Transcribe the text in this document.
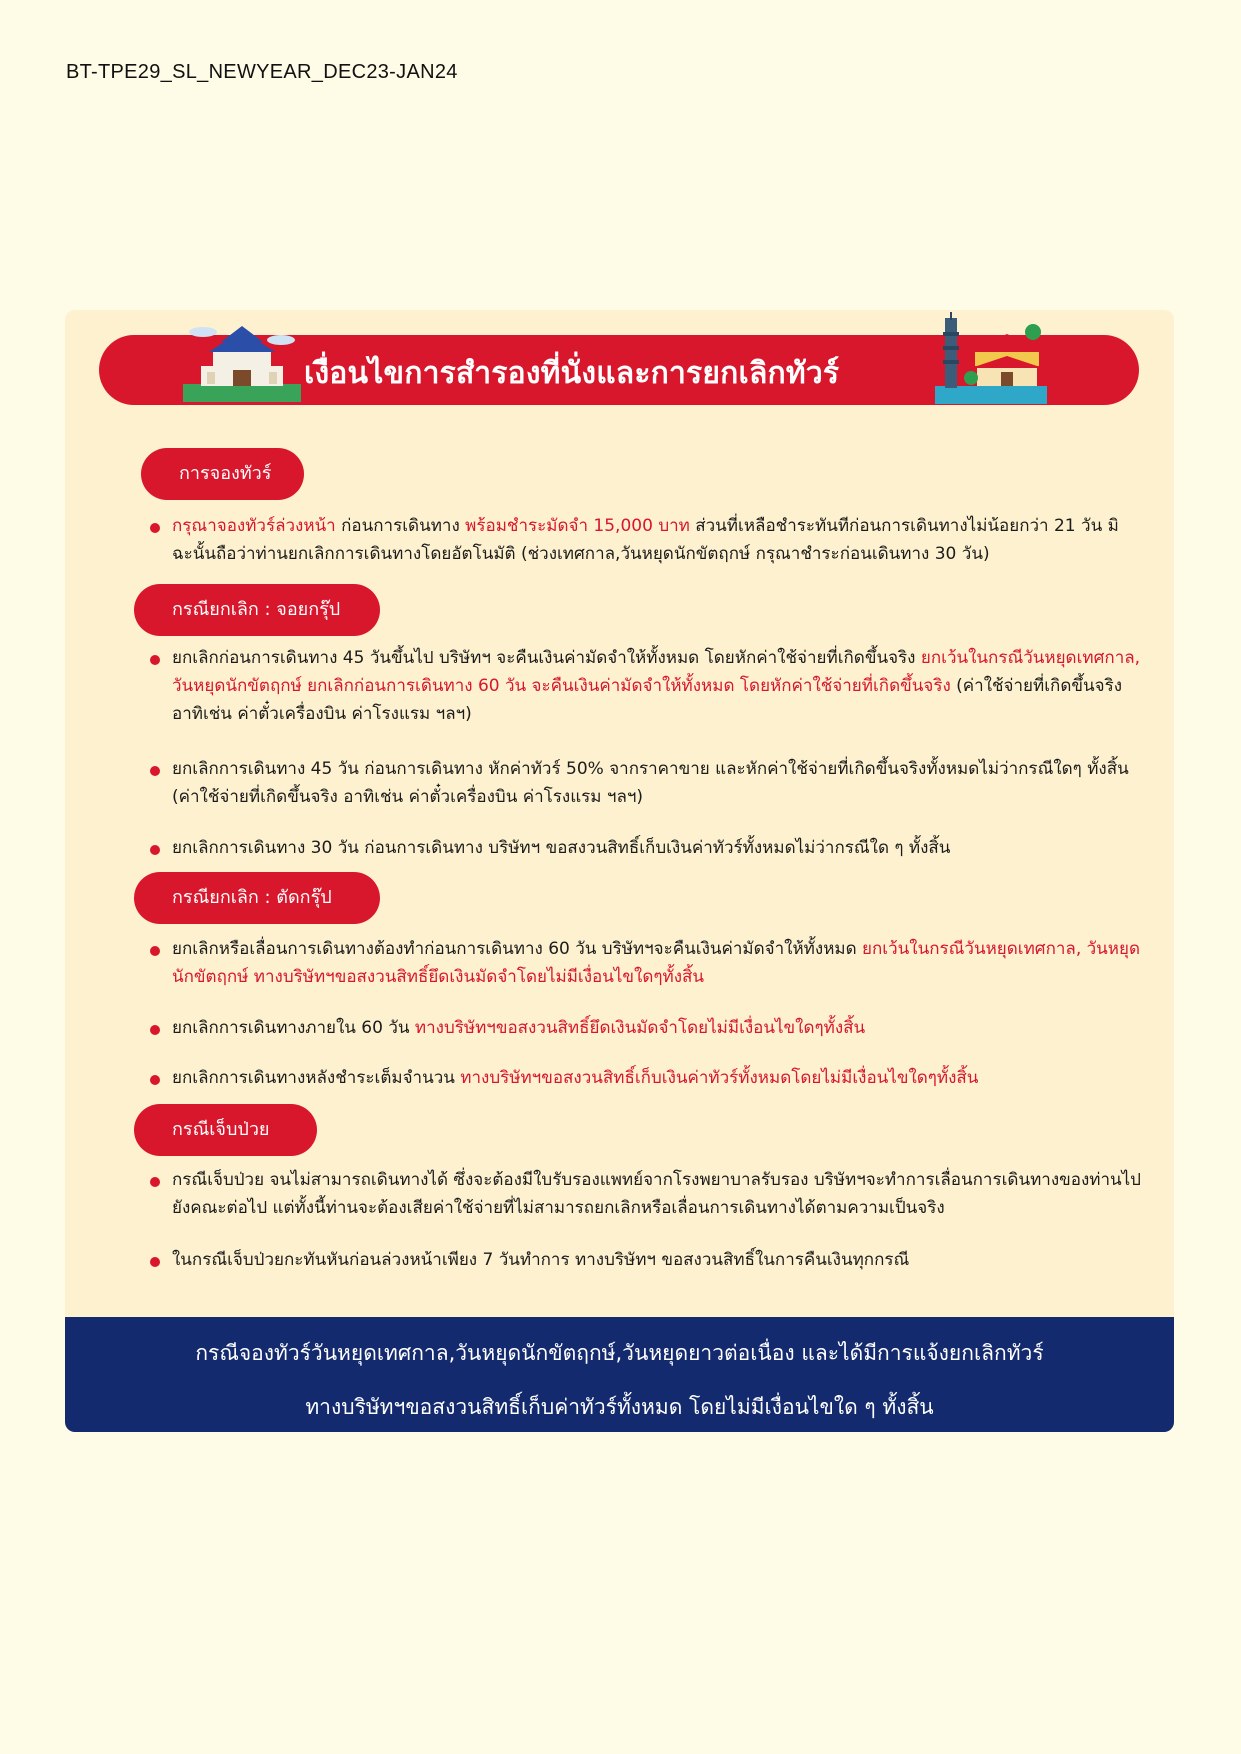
BT-TPE29_SL_NEWYEAR_DEC23-JAN24
เงื่อนไขการสำรองที่นั่งและการยกเลิกทัวร์
การจองทัวร์
กรุณาจองทัวร์ล่วงหน้า ก่อนการเดินทาง พร้อมชำระมัดจำ 15,000 บาท ส่วนที่เหลือชำระทันทีก่อนการเดินทางไม่น้อยกว่า 21 วัน มิฉะนั้นถือว่าท่านยกเลิกการเดินทางโดยอัตโนมัติ (ช่วงเทศกาล,วันหยุดนักขัตฤกษ์ กรุณาชำระก่อนเดินทาง 30 วัน)
กรณียกเลิก : จอยกรุ๊ป
ยกเลิกก่อนการเดินทาง 45 วันขึ้นไป บริษัทฯ จะคืนเงินค่ามัดจำให้ทั้งหมด โดยหักค่าใช้จ่ายที่เกิดขึ้นจริง ยกเว้นในกรณีวันหยุดเทศกาล, วันหยุดนักขัตฤกษ์ ยกเลิกก่อนการเดินทาง 60 วัน จะคืนเงินค่ามัดจำให้ทั้งหมด โดยหักค่าใช้จ่ายที่เกิดขึ้นจริง (ค่าใช้จ่ายที่เกิดขึ้นจริง อาทิเช่น ค่าตั๋วเครื่องบิน ค่าโรงแรม ฯลฯ)
ยกเลิกการเดินทาง 45 วัน ก่อนการเดินทาง หักค่าทัวร์ 50% จากราคาขาย และหักค่าใช้จ่ายที่เกิดขึ้นจริงทั้งหมดไม่ว่ากรณีใดๆ ทั้งสิ้น (ค่าใช้จ่ายที่เกิดขึ้นจริง อาทิเช่น ค่าตั๋วเครื่องบิน ค่าโรงแรม ฯลฯ)
ยกเลิกการเดินทาง 30 วัน ก่อนการเดินทาง บริษัทฯ ขอสงวนสิทธิ์เก็บเงินค่าทัวร์ทั้งหมดไม่ว่ากรณีใด ๆ ทั้งสิ้น
กรณียกเลิก : ตัดกรุ๊ป
ยกเลิกหรือเลื่อนการเดินทางต้องทำก่อนการเดินทาง 60 วัน บริษัทฯจะคืนเงินค่ามัดจำให้ทั้งหมด ยกเว้นในกรณีวันหยุดเทศกาล, วันหยุดนักขัตฤกษ์ ทางบริษัทฯขอสงวนสิทธิ์ยึดเงินมัดจำโดยไม่มีเงื่อนไขใดๆทั้งสิ้น
ยกเลิกการเดินทางภายใน 60 วัน ทางบริษัทฯขอสงวนสิทธิ์ยึดเงินมัดจำโดยไม่มีเงื่อนไขใดๆทั้งสิ้น
ยกเลิกการเดินทางหลังชำระเต็มจำนวน ทางบริษัทฯขอสงวนสิทธิ์เก็บเงินค่าทัวร์ทั้งหมดโดยไม่มีเงื่อนไขใดๆทั้งสิ้น
กรณีเจ็บป่วย
กรณีเจ็บป่วย จนไม่สามารถเดินทางได้ ซึ่งจะต้องมีใบรับรองแพทย์จากโรงพยาบาลรับรอง บริษัทฯจะทำการเลื่อนการเดินทางของท่านไปยังคณะต่อไป แต่ทั้งนี้ท่านจะต้องเสียค่าใช้จ่ายที่ไม่สามารถยกเลิกหรือเลื่อนการเดินทางได้ตามความเป็นจริง
ในกรณีเจ็บป่วยกะทันหันก่อนล่วงหน้าเพียง 7 วันทำการ ทางบริษัทฯ ขอสงวนสิทธิ์ในการคืนเงินทุกกรณี
กรณีจองทัวร์วันหยุดเทศกาล,วันหยุดนักขัตฤกษ์,วันหยุดยาวต่อเนื่อง และได้มีการแจ้งยกเลิกทัวร์
ทางบริษัทฯขอสงวนสิทธิ์เก็บค่าทัวร์ทั้งหมด โดยไม่มีเงื่อนไขใด ๆ ทั้งสิ้น
